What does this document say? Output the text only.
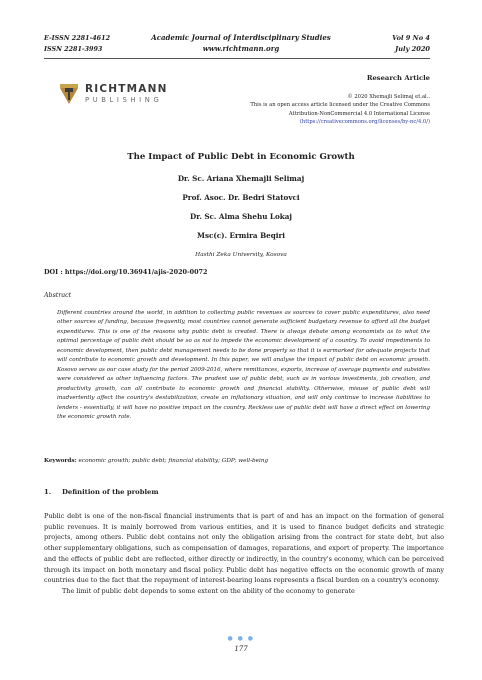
E-ISSN 2281-4612
ISSN 2281-3993
Academic Journal of Interdisciplinary Studies
www.richtmann.org
Vol 9 No 4
July 2020
RICHTMANN
PUBLISHING
Research Article
© 2020 Xhemajli Selimaj et.al..
This is an open access article licensed under the Creative Commons
Attribution-NonCommercial 4.0 International License
(https://creativecommons.org/licenses/by-nc/4.0/)
The Impact of Public Debt in Economic Growth
Dr. Sc. Ariana Xhemajli Selimaj
Prof. Asoc. Dr. Bedri Statovci
Dr. Sc. Alma Shehu Lokaj
Msc(c). Ermira Beqiri
Hasthi Zeka University, Kosova
DOI : https://doi.org/10.36941/ajis-2020-0072
Abstract
Different countries around the world, in addition to collecting public revenues as sources to cover public expenditures, also need other sources of funding, because frequently, most countries cannot generate sufficient budgetary revenue to afford all the budget expenditures. This is one of the reasons why public debt is created. There is always debate among economists as to what the optimal percentage of public debt should be so as not to impede the economic development of a country. To avoid impediments to economic development, then public debt management needs to be done properly so that it is earmarked for adequate projects that will contribute to economic growth and development. In this paper, we will analyse the impact of public debt on economic growth. Kosovo serves as our case study for the period 2009-2016, where remittances, exports, increase of average payments and subsidies were considered as other influencing factors. The prudent use of public debt, such as in various investments, job creation, and productivity growth, can all contribute to economic growth and financial stability. Otherwise, misuse of public debt will inadvertently affect the country's destabilization, create an inflationary situation, and will only continue to increase liabilities to lenders - essentially, it will have no positive impact on the country. Reckless use of public debt will have a direct effect on lowering the economic growth rate.
Keywords: economic growth; public debt; financial stability; GDP; well-being
1. Definition of the problem

Public debt is one of the non-fiscal financial instruments that is part of and has an impact on the formation of general public revenues. It is mainly borrowed from various entities, and it is used to finance budget deficits and strategic projects, among others. Public debt contains not only the obligation arising from the contract for state debt, but also other supplementary obligations, such as compensation of damages, reparations, and export of property. The importance and the effects of public debt are reflected, either directly or indirectly, in the country's economy, which can be perceived through its impact on both monetary and fiscal policy. Public debt has negative effects on the economic growth of many countries due to the fact that the repayment of interest-bearing loans represents a fiscal burden on a country's economy.

The limit of public debt depends to some extent on the ability of the economy to generate

● ● ●
177
